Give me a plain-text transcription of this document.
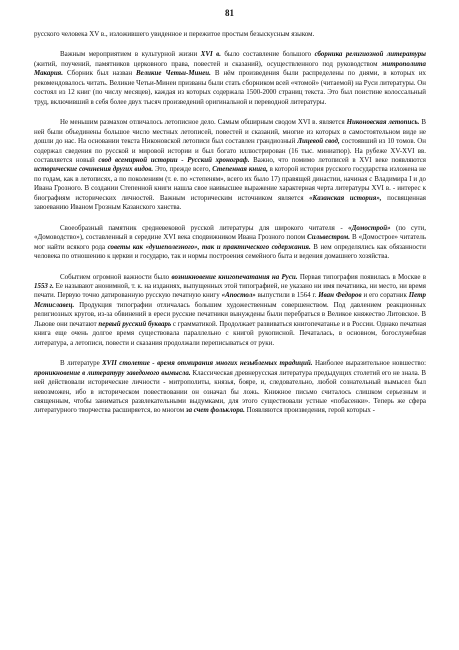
81

русского человека XV в., изложившего увиденное и пережитое простым безыскусным языком.

Важным мероприятием в культурной жизни XVI в. было составление большого сборника религиозной литературы (житий, поучений, памятников церковного права, повестей и сказаний), осуществленного под руководством митрополита Макария. Сборник был назван Великие Четьи-Минеи. В нём произведения были распределены по днями, в которых их рекомендовалось читать. Великие Четьи-Минеи призваны были стать сборником всей «чтомой» (читаемой) на Руси литературы. Он состоял из 12 книг (по числу месяцев), каждая из которых содержала 1500-2000 страниц текста. Это был поистине колоссальный труд, включивший в себя более двух тысяч произведений оригинальной и переводной литературы.

Не меньшим размахом отличалось летописное дело. Самым обширным сводом XVI в. является Никоновская летопись. В ней были объединены большое число местных летописей, повестей и сказаний, многие из которых в самостоятельном виде не дошли до нас. На основании текста Никоновской летописи был составлен грандиозный Лицевой свод, состоявший из 10 томов. Он содержал сведения по русской и мировой истории и был богато иллюстрирован (16 тыс. миниатюр). На рубеже XV-XVI вв. составляется новый свод всемирной истории - Русский хронограф. Важно, что помимо летописей в XVI веке появляются исторические сочинения других видов. Это, прежде всего, Степенная книга, в которой история русского государства изложена не по годам, как в летописях, а по поколениям (т. е. по «степеням», всего их было 17) правящей династии, начиная с Владимира I и до Ивана Грозного. В создании Степенной книги нашла свое наивысшее выражение характерная черта литературы XVI в. - интерес к биографиям исторических личностей. Важным историческим источником является «Казанская история», посвященная завоеванию Иваном Грозным Казанского ханства.

Своеобразный памятник средневековой русской литературы для широкого читателя - «Домострой» (по сути, «Домоводство»), составленный в середине XVI века сподвижником Ивана Грозного попом Сильвестром. В «Домострое» читатель мог найти всякого рода советы как «душеполезного», так и практического содержания. В нем определялись как обязанности человека по отношению к церкви и государю, так и нормы построения семейного быта и ведения домашнего хозяйства.

Событием огромной важности было возникновение книгопечатания на Руси. Первая типография появилась в Москве в 1553 г. Ее называют анонимной, т. к. на изданиях, выпущенных этой типографией, не указано ни имя печатника, ни место, ни время печати. Первую точно датированную русскую печатную книгу «Апостол» выпустили в 1564 г. Иван Федоров и его соратник Петр Мстиславец. Продукция типографии отличалась большим художественным совершенством. Под давлением реакционных религиозных кругов, из-за обвинений в ереси русские печатники вынуждены были перебраться в Великое княжество Литовское. В Львове они печатают первый русский букварь с грамматикой. Продолжает развиваться книгопечатанье и в России. Однако печатная книга еще очень долгое время существовала параллельно с книгой рукописной. Печаталась, в основном, богослужебная литература, а летописи, повести и сказания продолжали переписываться от руки.

В литературе XVII столетие - время отмирания многих незыблемых традиций. Наиболее выразительное новшество: проникновение в литературу заведомого вымысла. Классическая древнерусская литература предыдущих столетий его не знала. В ней действовали исторические личности - митрополиты, князья, бояре, и, следовательно, любой сознательный вымысел был невозможен, ибо в историческом повествовании он означал бы ложь. Книжное письмо считалось слишком серьезным и священным, чтобы заниматься развлекательными выдумками, для этого существовали устные «побасенки». Теперь же сфера литературного творчества расширяется, во многом за счет фольклора. Появляются произведения, герой которых -
